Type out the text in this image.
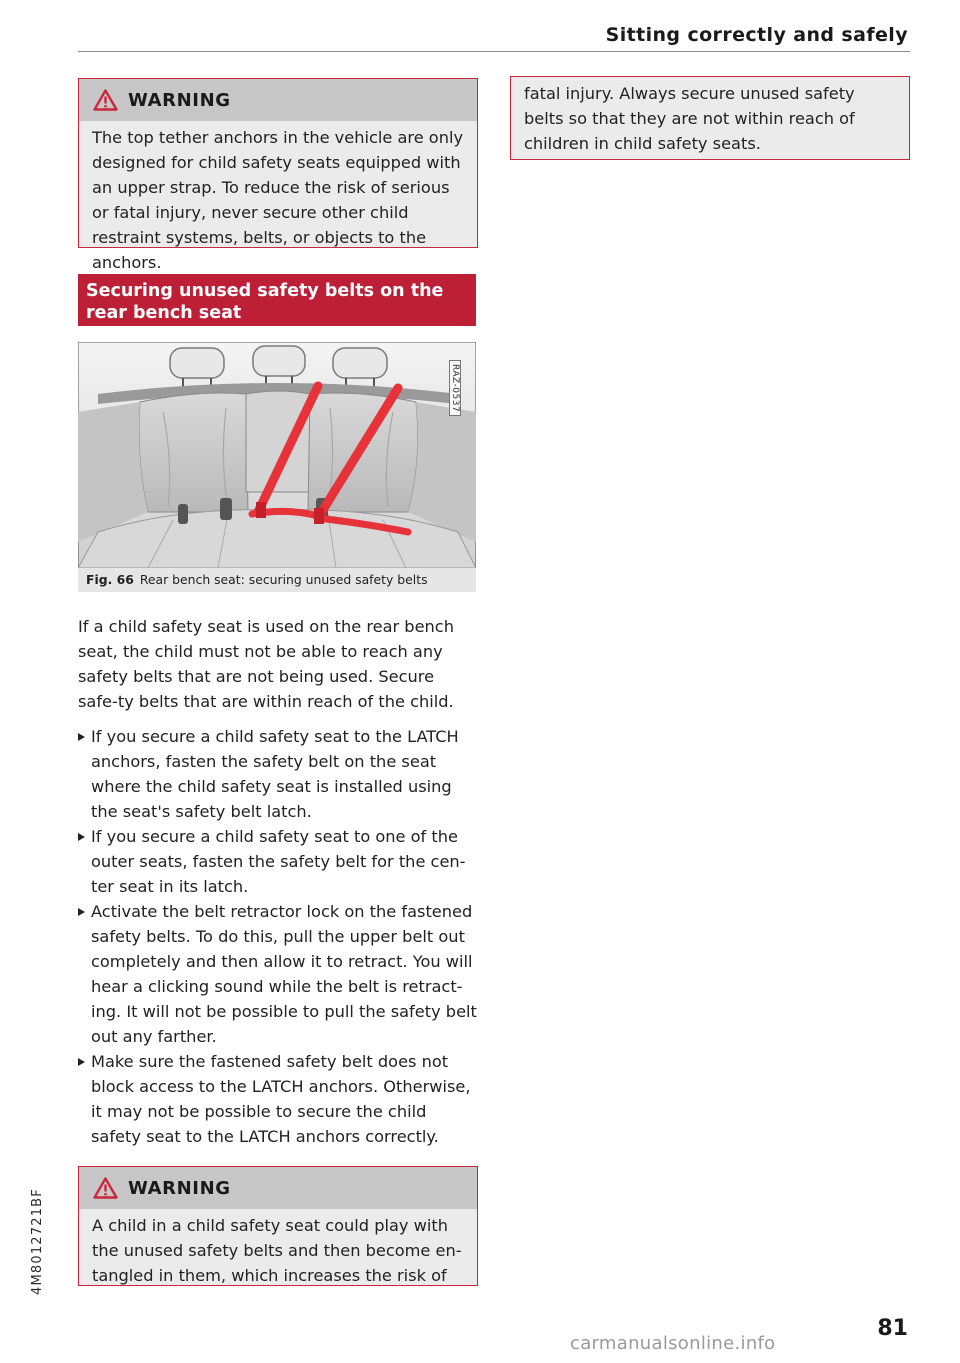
Sitting correctly and safely
4M8012721BF
WARNING
The top tether anchors in the vehicle are only designed for child safety seats equipped with an upper strap. To reduce the risk of serious or fatal injury, never secure other child restraint systems, belts, or objects to the anchors.
Securing unused safety belts on the rear bench seat
RAZ-0537
Fig. 66 Rear bench seat: securing unused safety belts
If a child safety seat is used on the rear bench seat, the child must not be able to reach any safety belts that are not being used. Secure safe-ty belts that are within reach of the child.
If you secure a child safety seat to the LATCH anchors, fasten the safety belt on the seat where the child safety seat is installed using the seat's safety belt latch.
If you secure a child safety seat to one of the outer seats, fasten the safety belt for the cen-ter seat in its latch.
Activate the belt retractor lock on the fastened safety belts. To do this, pull the upper belt out completely and then allow it to retract. You will hear a clicking sound while the belt is retract-ing. It will not be possible to pull the safety belt out any farther.
Make sure the fastened safety belt does not block access to the LATCH anchors. Otherwise, it may not be possible to secure the child safety seat to the LATCH anchors correctly.
WARNING
A child in a child safety seat could play with the unused safety belts and then become en-tangled in them, which increases the risk of
fatal injury. Always secure unused safety belts so that they are not within reach of children in child safety seats.
81
carmanualsonline.info
